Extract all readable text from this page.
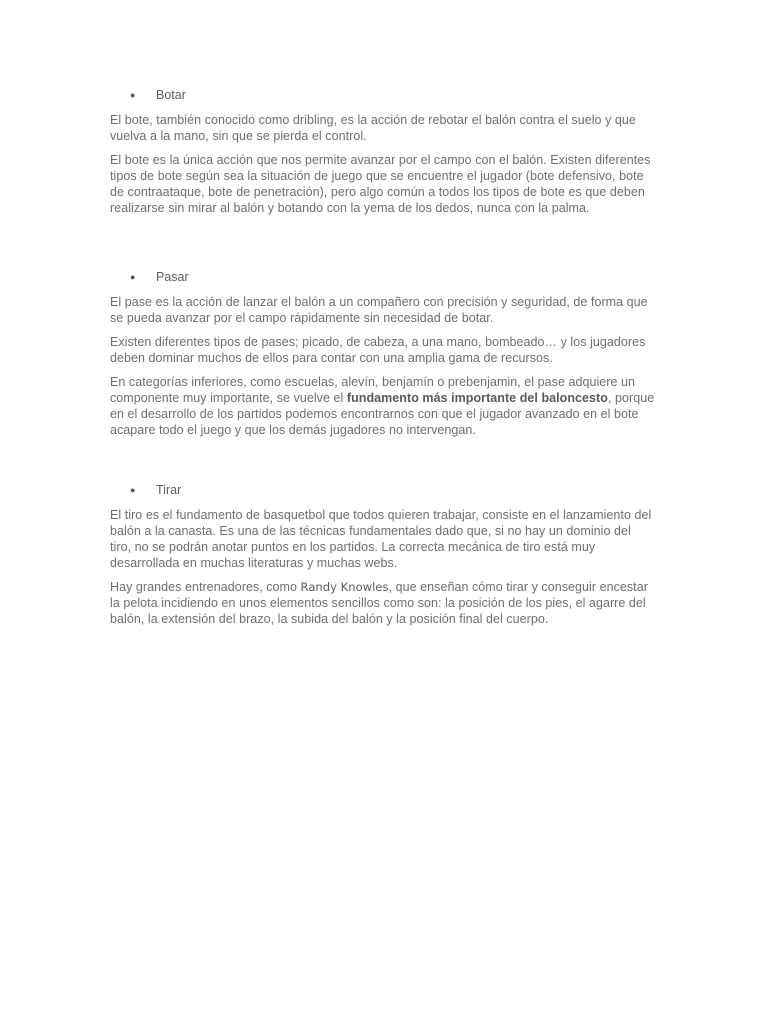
● Botar

El bote, también conocido como dribling, es la acción de rebotar el balón contra el suelo y que vuelva a la mano, sin que se pierda el control.

El bote es la única acción que nos permite avanzar por el campo con el balón. Existen diferentes tipos de bote según sea la situación de juego que se encuentre el jugador (bote defensivo, bote de contraataque, bote de penetración), pero algo común a todos los tipos de bote es que deben realizarse sin mirar al balón y botando con la yema de los dedos, nunca con la palma.

● Pasar

El pase es la acción de lanzar el balón a un compañero con precisión y seguridad, de forma que se pueda avanzar por el campo rápidamente sin necesidad de botar.

Existen diferentes tipos de pases; picado, de cabeza, a una mano, bombeado… y los jugadores deben dominar muchos de ellos para contar con una amplia gama de recursos.

En categorías inferiores, como escuelas, alevín, benjamín o prebenjamin, el pase adquiere un componente muy importante, se vuelve el fundamento más importante del baloncesto, porque en el desarrollo de los partidos podemos encontrarnos con que el jugador avanzado en el bote acapare todo el juego y que los demás jugadores no intervengan.

● Tirar

El tiro es el fundamento de basquetbol que todos quieren trabajar, consiste en el lanzamiento del balón a la canasta. Es una de las técnicas fundamentales dado que, si no hay un dominio del tiro, no se podrán anotar puntos en los partidos. La correcta mecánica de tiro está muy desarrollada en muchas literaturas y muchas webs.

Hay grandes entrenadores, como Randy Knowles, que enseñan cómo tirar y conseguir encestar la pelota incidiendo en unos elementos sencillos como son: la posición de los pies, el agarre del balón, la extensión del brazo, la subida del balón y la posición final del cuerpo.
